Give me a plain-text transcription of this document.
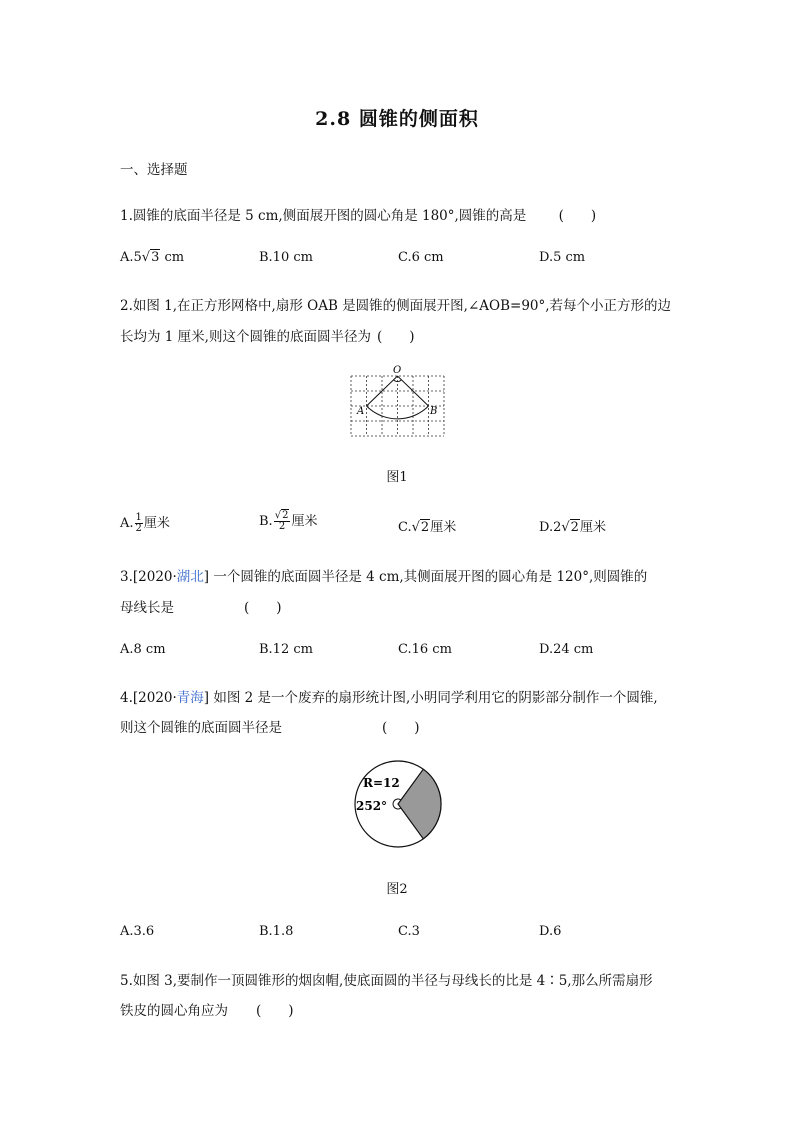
2.8 圆锥的侧面积
一、选择题
1.圆锥的底面半径是 5 cm,侧面展开图的圆心角是 180°,圆锥的高是 (　　)
A.5√3 cm	B.10 cm	C.6 cm	D.5 cm
2.如图 1,在正方形网格中,扇形 OAB 是圆锥的侧面展开图,∠AOB=90°,若每个小正方形的边
长均为 1 厘米,则这个圆锥的底面圆半径为 (　　)
O
A	B
图1
A. $\frac{1}{2}$ 厘米	B. $\frac{√2}{2}$ 厘米	C.√2厘米	D.2√2厘米
3.[2020·湖北] 一个圆锥的底面圆半径是 4 cm,其侧面展开图的圆心角是 120°,则圆锥的
母线长是	(　　)
A.8 cm	B.12 cm	C.16 cm	D.24 cm
4.[2020·青海] 如图 2 是一个废弃的扇形统计图,小明同学利用它的阴影部分制作一个圆锥,
则这个圆锥的底面圆半径是	(　　)
R=12
252°
图2
A.3.6	B.1.8	C.3	D.6
5.如图 3,要制作一顶圆锥形的烟囱帽,使底面圆的半径与母线长的比是 4∶5,那么所需扇形
铁皮的圆心角应为 (　　)
